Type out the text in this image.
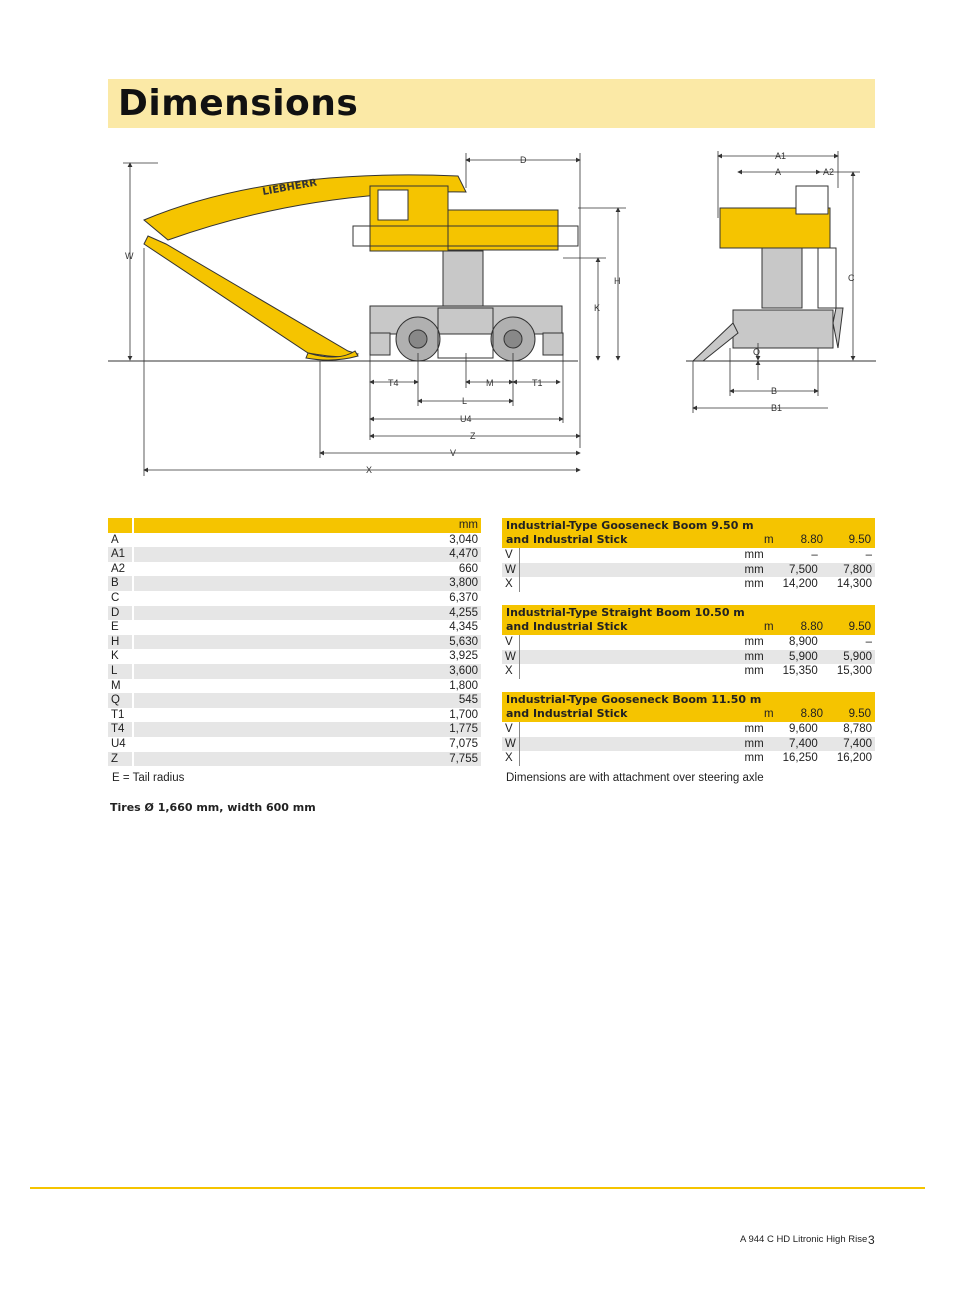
Dimensions
LIEBHERR
D
W
H
K
T4	M	T1
L
U4
Z
V
X
A1
A	A2
C
Q
B
B1
	mm
A	3,040
A1	4,470
A2	660
B	3,800
C	6,370
D	4,255
E	4,345
H	5,630
K	3,925
L	3,600
M	1,800
Q	545
T1	1,700
T4	1,775
U4	7,075
Z	7,755
E = Tail radius
Industrial-Type Gooseneck Boom 9.50 m
and Industrial Stick	m 8.80 9.50
V	mm	–	–
W	mm	7,500	7,800
X	mm	14,200	14,300
Industrial-Type Straight Boom 10.50 m
and Industrial Stick	m 8.80 9.50
V	mm	8,900	–
W	mm	5,900	5,900
X	mm	15,350	15,300
Industrial-Type Gooseneck Boom 11.50 m
and Industrial Stick	m 8.80 9.50
V	mm	9,600	8,780
W	mm	7,400	7,400
X	mm	16,250	16,200
Dimensions are with attachment over steering axle
Tires Ø 1,660 mm, width 600 mm
A 944 C HD Litronic High Rise 3
